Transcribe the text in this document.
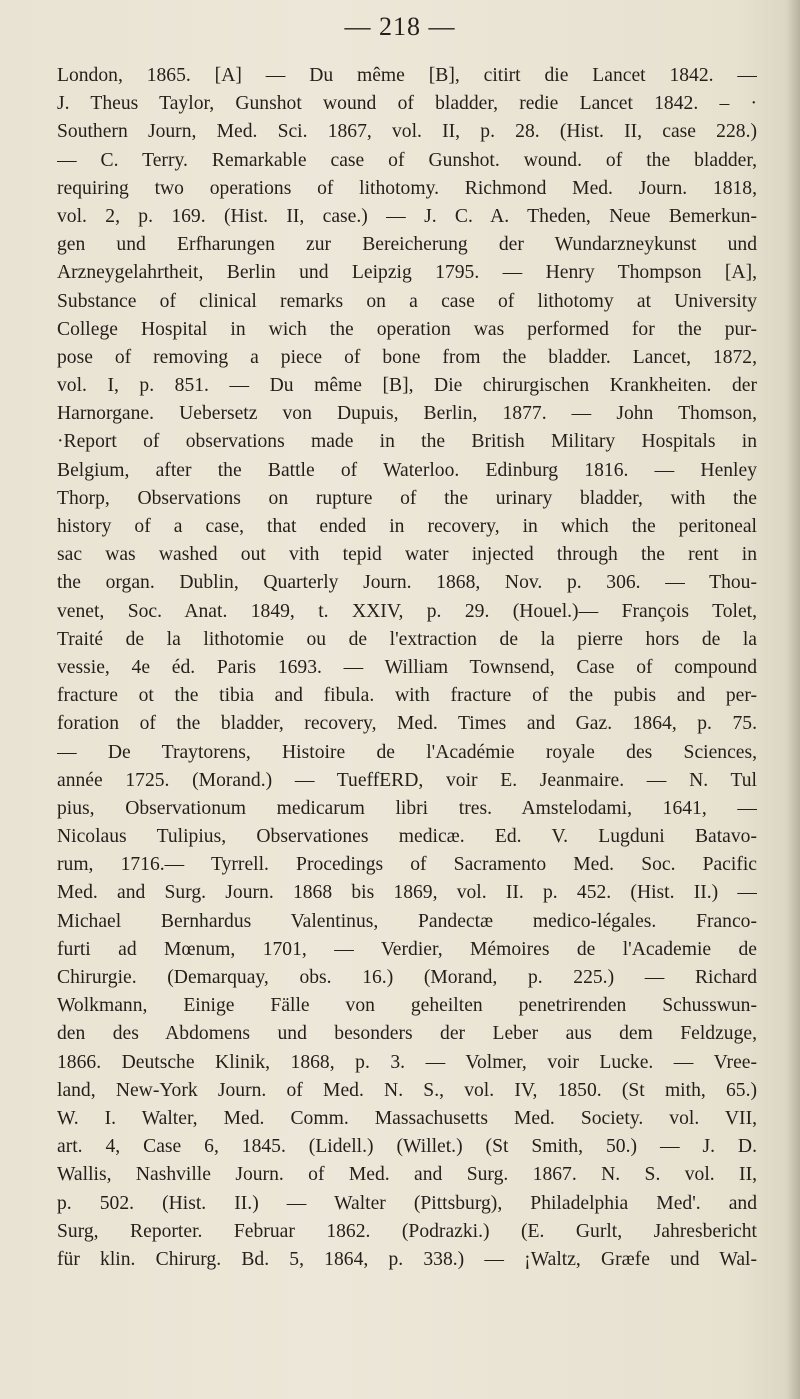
— 218 —
London, 1865. [A] — Du même [B], citirt die Lancet 1842. —
J. Theus Taylor, Gunshot wound of bladder, redie Lancet 1842. – ·
Southern Journ, Med. Sci. 1867, vol. II, p. 28. (Hist. II, case 228.)
— C. Terry. Remarkable case of Gunshot. wound. of the bladder,
requiring two operations of lithotomy. Richmond Med. Journ. 1818,
vol. 2, p. 169. (Hist. II, case.) — J. C. A. Theden, Neue Bemerkun-
gen und Erfharungen zur Bereicherung der Wundarzneykunst und
Arzneygelahrtheit, Berlin und Leipzig 1795. — Henry Thompson [A],
Substance of clinical remarks on a case of lithotomy at University
College Hospital in wich the operation was performed for the pur-
pose of removing a piece of bone from the bladder. Lancet, 1872,
vol. I, p. 851. — Du même [B], Die chirurgischen Krankheiten. der
Harnorgane. Uebersetz von Dupuis, Berlin, 1877. — John Thomson,
·Report of observations made in the British Military Hospitals in
Belgium, after the Battle of Waterloo. Edinburg 1816. — Henley
Thorp, Observations on rupture of the urinary bladder, with the
history of a case, that ended in recovery, in which the peritoneal
sac was washed out vith tepid water injected through the rent in
the organ. Dublin, Quarterly Journ. 1868, Nov. p. 306. — Thou-
venet, Soc. Anat. 1849, t. XXIV, p. 29. (Houel.)— François Tolet,
Traité de la lithotomie ou de l'extraction de la pierre hors de la
vessie, 4e éd. Paris 1693. — William Townsend, Case of compound
fracture ot the tibia and fibula. with fracture of the pubis and per-
foration of the bladder, recovery, Med. Times and Gaz. 1864, p. 75.
— De Traytorens, Histoire de l'Académie royale des Sciences,
année 1725. (Morand.) — TueffERD, voir E. Jeanmaire. — N. Tul
pius, Observationum medicarum libri tres. Amstelodami, 1641, —
Nicolaus Tulipius, Observationes medicæ. Ed. V. Lugduni Batavo-
rum, 1716.— Tyrrell. Procedings of Sacramento Med. Soc. Pacific
Med. and Surg. Journ. 1868 bis 1869, vol. II. p. 452. (Hist. II.) —
Michael Bernhardus Valentinus, Pandectæ medico-légales. Franco-
furti ad Mœnum, 1701, — Verdier, Mémoires de l'Academie de
Chirurgie. (Demarquay, obs. 16.) (Morand, p. 225.) — Richard
Wolkmann, Einige Fälle von geheilten penetrirenden Schusswun-
den des Abdomens und besonders der Leber aus dem Feldzuge,
1866. Deutsche Klinik, 1868, p. 3. — Volmer, voir Lucke. — Vree-
land, New-York Journ. of Med. N. S., vol. IV, 1850. (St mith, 65.)
W. I. Walter, Med. Comm. Massachusetts Med. Society. vol. VII,
art. 4, Case 6, 1845. (Lidell.) (Willet.) (St Smith, 50.) — J. D.
Wallis, Nashville Journ. of Med. and Surg. 1867. N. S. vol. II,
p. 502. (Hist. II.) — Walter (Pittsburg), Philadelphia Med'. and
Surg, Reporter. Februar 1862. (Podrazki.) (E. Gurlt, Jahresbericht
für klin. Chirurg. Bd. 5, 1864, p. 338.) — ¡Waltz, Græfe und Wal-
